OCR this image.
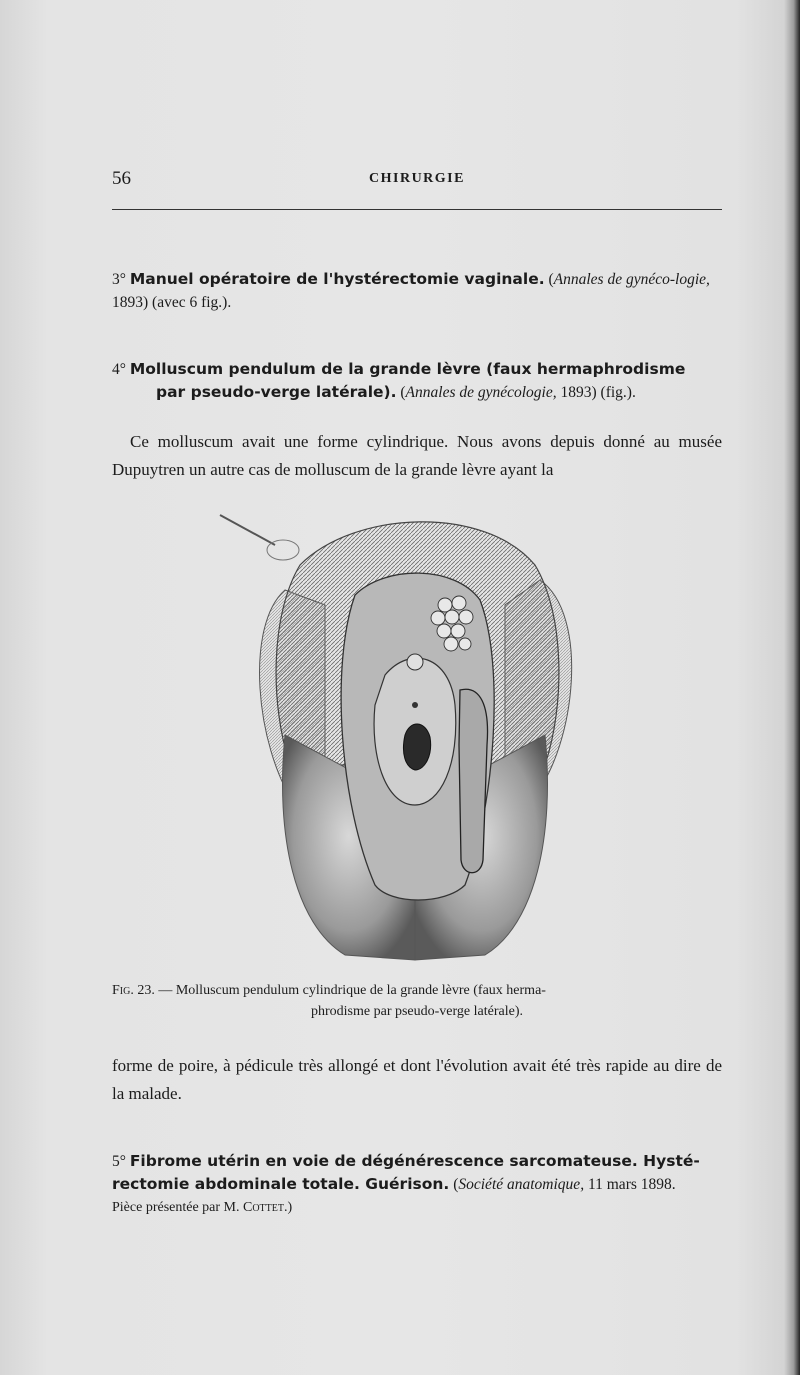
56	CHIRURGIE
3° Manuel opératoire de l'hystérectomie vaginale. (Annales de gynéco-logie, 1893) (avec 6 fig.).
4° Molluscum pendulum de la grande lèvre (faux hermaphrodisme
par pseudo-verge latérale). (Annales de gynécologie, 1893) (fig.).
Ce molluscum avait une forme cylindrique. Nous avons depuis donné au musée Dupuytren un autre cas de molluscum de la grande lèvre ayant la
Fig. 23. — Molluscum pendulum cylindrique de la grande lèvre (faux herma-
phrodisme par pseudo-verge latérale).
forme de poire, à pédicule très allongé et dont l'évolution avait été très rapide au dire de la malade.
5° Fibrome utérin en voie de dégénérescence sarcomateuse. Hysté-
rectomie abdominale totale. Guérison. (Société anatomique, 11 mars 1898.
Pièce présentée par M. Cottet.)
